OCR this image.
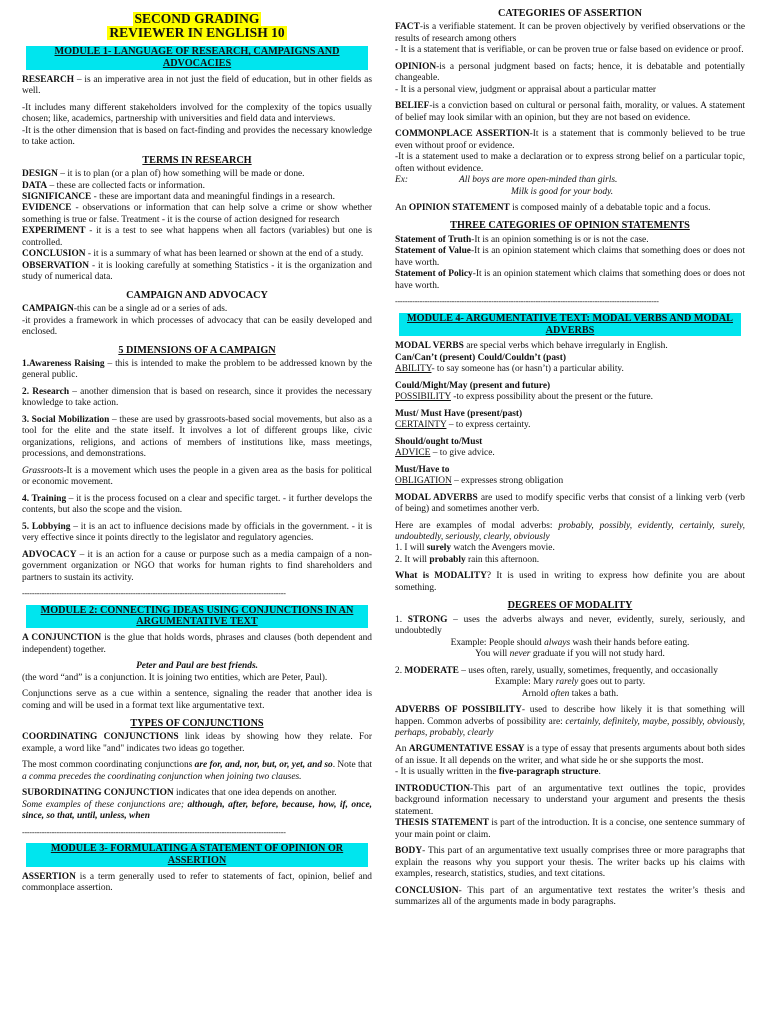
SECOND GRADING
REVIEWER IN ENGLISH 10
MODULE 1- LANGUAGE OF RESEARCH, CAMPAIGNS AND ADVOCACIES

RESEARCH – is an imperative area in not just the field of education, but in other fields as well.

-It includes many different stakeholders involved for the complexity of the topics usually chosen; like, academics, partnership with universities and field data and interviews.

-It is the other dimension that is based on fact-finding and provides the necessary knowledge to take action.

TERMS IN RESEARCH

DESIGN – it is to plan (or a plan of) how something will be made or done.

DATA – these are collected facts or information.

SIGNIFICANCE - these are important data and meaningful findings in a research.

EVIDENCE - observations or information that can help solve a crime or show whether something is true or false. Treatment - it is the course of action designed for research

EXPERIMENT - it is a test to see what happens when all factors (variables) but one is controlled.

CONCLUSION - it is a summary of what has been learned or shown at the end of a study.

OBSERVATION - it is looking carefully at something Statistics - it is the organization and study of numerical data.

CAMPAIGN AND ADVOCACY

CAMPAIGN-this can be a single ad or a series of ads.

-it provides a framework in which processes of advocacy that can be easily developed and enclosed.

5 DIMENSIONS OF A CAMPAIGN

1.Awareness Raising – this is intended to make the problem to be addressed known by the general public.

2. Research – another dimension that is based on research, since it provides the necessary knowledge to take action.

3. Social Mobilization – these are used by grassroots-based social movements, but also as a tool for the elite and the state itself. It involves a lot of different groups like, civic organizations, religions, and actions of members of institutions like, mass meetings, processions, and demonstrations.

Grassroots-It is a movement which uses the people in a given area as the basis for political or economic movement.

4. Training – it is the process focused on a clear and specific target. - it further develops the contents, but also the scope and the vision.

5. Lobbying – it is an act to influence decisions made by officials in the government. - it is very effective since it points directly to the legislator and regulatory agencies.

ADVOCACY – it is an action for a cause or purpose such as a media campaign of a non-government organization or NGO that works for human rights to find shareholders and partners to sustain its activity.

-----------------------------------------------------------------------------------------------------------
MODULE 2: CONNECTING IDEAS USING CONJUNCTIONS IN AN ARGUMENTATIVE TEXT

A CONJUNCTION is the glue that holds words, phrases and clauses (both dependent and independent) together.

Peter and Paul are best friends.

(the word “and” is a conjunction. It is joining two entities, which are Peter, Paul).

Conjunctions serve as a cue within a sentence, signaling the reader that another idea is coming and will be used in a format text like argumentative text.

TYPES OF CONJUNCTIONS

COORDINATING CONJUNCTIONS link ideas by showing how they relate. For example, a word like "and" indicates two ideas go together.

The most common coordinating conjunctions are for, and, nor, but, or, yet, and so. Note that a comma precedes the coordinating conjunction when joining two clauses.

SUBORDINATING CONJUNCTION indicates that one idea depends on another.

Some examples of these conjunctions are; although, after, before, because, how, if, once, since, so that, until, unless, when

-----------------------------------------------------------------------------------------------------------
MODULE 3- FORMULATING A STATEMENT OF OPINION OR ASSERTION

ASSERTION is a term generally used to refer to statements of fact, opinion, belief and commonplace assertion.

CATEGORIES OF ASSERTION

FACT-is a verifiable statement. It can be proven objectively by verified observations or the results of research among others

- It is a statement that is verifiable, or can be proven true or false based on evidence or proof.

OPINION-is a personal judgment based on facts; hence, it is debatable and potentially changeable.

- It is a personal view, judgment or appraisal about a particular matter

BELIEF-is a conviction based on cultural or personal faith, morality, or values. A statement of belief may look similar with an opinion, but they are not based on evidence.

COMMONPLACE ASSERTION-It is a statement that is commonly believed to be true even without proof or evidence.

-It is a statement used to make a declaration or to express strong belief on a particular topic, often without evidence.

Ex:	All boys are more open-minded than girls.
Milk is good for your body.

An OPINION STATEMENT is composed mainly of a debatable topic and a focus.

THREE CATEGORIES OF OPINION STATEMENTS

Statement of Truth-It is an opinion something is or is not the case.

Statement of Value-It is an opinion statement which claims that something does or does not have worth.

Statement of Policy-It is an opinion statement which claims that something does or does not have worth.

-----------------------------------------------------------------------------------------------------------
MODULE 4- ARGUMENTATIVE TEXT: MODAL VERBS AND MODAL ADVERBS

MODAL VERBS are special verbs which behave irregularly in English.

Can/Can’t (present) Could/Couldn’t (past)

ABILITY- to say someone has (or hasn’t) a particular ability.

Could/Might/May (present and future)

POSSIBILITY -to express possibility about the present or the future.

Must/ Must Have (present/past)

CERTAINTY – to express certainty.

Should/ought to/Must

ADVICE – to give advice.

Must/Have to

OBLIGATION – expresses strong obligation

MODAL ADVERBS are used to modify specific verbs that consist of a linking verb (verb of being) and sometimes another verb.

Here are examples of modal adverbs: probably, possibly, evidently, certainly, surely, undoubtedly, seriously, clearly, obviously

1. I will surely watch the Avengers movie.

2. It will probably rain this afternoon.

What is MODALITY? It is used in writing to express how definite you are about something.

DEGREES OF MODALITY

1. STRONG – uses the adverbs always and never, evidently, surely, seriously, and undoubtedly

Example: People should always wash their hands before eating.

You will never graduate if you will not study hard.

2. MODERATE – uses often, rarely, usually, sometimes, frequently, and occasionally

Example: Mary rarely goes out to party.

Arnold often takes a bath.

ADVERBS OF POSSIBILITY- used to describe how likely it is that something will happen. Common adverbs of possibility are: certainly, definitely, maybe, possibly, obviously, perhaps, probably, clearly

An ARGUMENTATIVE ESSAY is a type of essay that presents arguments about both sides of an issue. It all depends on the writer, and what side he or she supports the most.

- It is usually written in the five-paragraph structure.

INTRODUCTION-This part of an argumentative text outlines the topic, provides background information necessary to understand your argument and presents the thesis statement.

THESIS STATEMENT is part of the introduction. It is a concise, one sentence summary of your main point or claim.

BODY- This part of an argumentative text usually comprises three or more paragraphs that explain the reasons why you support your thesis. The writer backs up his claims with examples, research, statistics, studies, and text citations.

CONCLUSION- This part of an argumentative text restates the writer’s thesis and summarizes all of the arguments made in body paragraphs.
